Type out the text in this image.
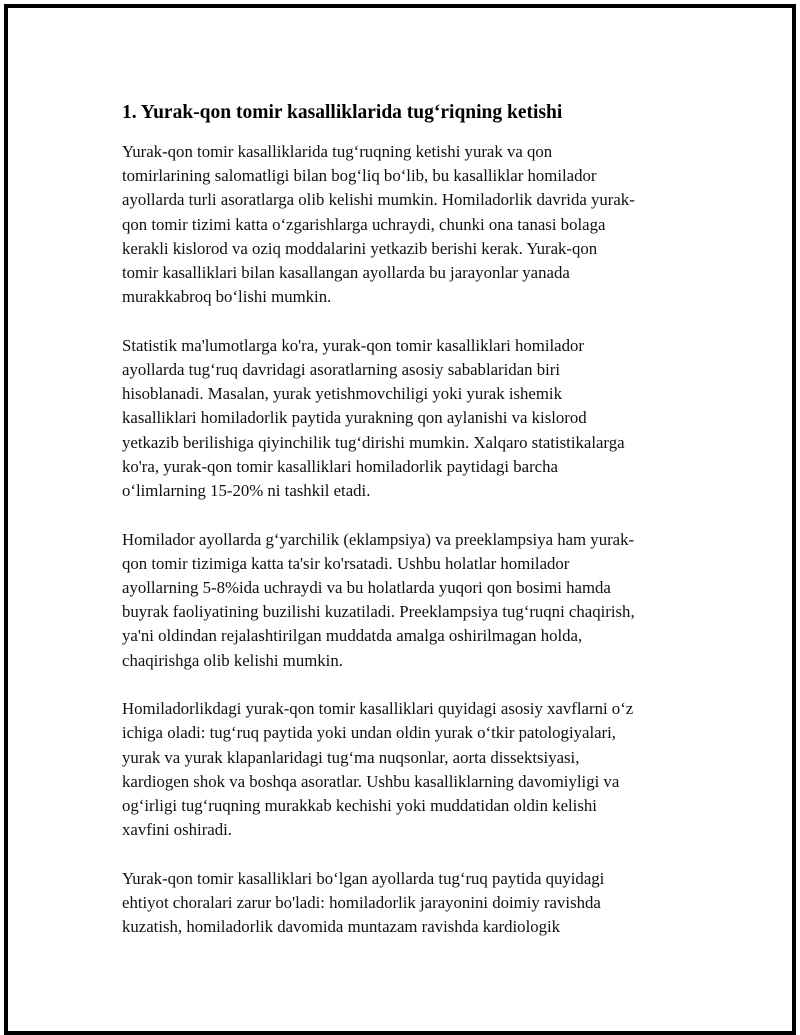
1. Yurak-qon tomir kasalliklarida tug‘riqning ketishi

Yurak-qon tomir kasalliklarida tug‘ruqning ketishi yurak va qon
tomirlarining salomatligi bilan bog‘liq bo‘lib, bu kasalliklar homilador
ayollarda turli asoratlarga olib kelishi mumkin. Homiladorlik davrida yurak-
qon tomir tizimi katta o‘zgarishlarga uchraydi, chunki ona tanasi bolaga
kerakli kislorod va oziq moddalarini yetkazib berishi kerak. Yurak-qon
tomir kasalliklari bilan kasallangan ayollarda bu jarayonlar yanada
murakkabroq bo‘lishi mumkin.

Statistik ma'lumotlarga ko'ra, yurak-qon tomir kasalliklari homilador
ayollarda tug‘ruq davridagi asoratlarning asosiy sabablaridan biri
hisoblanadi. Masalan, yurak yetishmovchiligi yoki yurak ishemik
kasalliklari homiladorlik paytida yurakning qon aylanishi va kislorod
yetkazib berilishiga qiyinchilik tug‘dirishi mumkin. Xalqaro statistikalarga
ko'ra, yurak-qon tomir kasalliklari homiladorlik paytidagi barcha
o‘limlarning 15-20% ni tashkil etadi.

Homilador ayollarda g‘yarchilik (eklampsiya) va preeklampsiya ham yurak-
qon tomir tizimiga katta ta'sir ko'rsatadi. Ushbu holatlar homilador
ayollarning 5-8%ida uchraydi va bu holatlarda yuqori qon bosimi hamda
buyrak faoliyatining buzilishi kuzatiladi. Preeklampsiya tug‘ruqni chaqirish,
ya'ni oldindan rejalashtirilgan muddatda amalga oshirilmagan holda,
chaqirishga olib kelishi mumkin.

Homiladorlikdagi yurak-qon tomir kasalliklari quyidagi asosiy xavflarni o‘z
ichiga oladi: tug‘ruq paytida yoki undan oldin yurak o‘tkir patologiyalari,
yurak va yurak klapanlaridagi tug‘ma nuqsonlar, aorta dissektsiyasi,
kardiogen shok va boshqa asoratlar. Ushbu kasalliklarning davomiyligi va
og‘irligi tug‘ruqning murakkab kechishi yoki muddatidan oldin kelishi
xavfini oshiradi.

Yurak-qon tomir kasalliklari bo‘lgan ayollarda tug‘ruq paytida quyidagi
ehtiyot choralari zarur bo'ladi: homiladorlik jarayonini doimiy ravishda
kuzatish, homiladorlik davomida muntazam ravishda kardiologik
